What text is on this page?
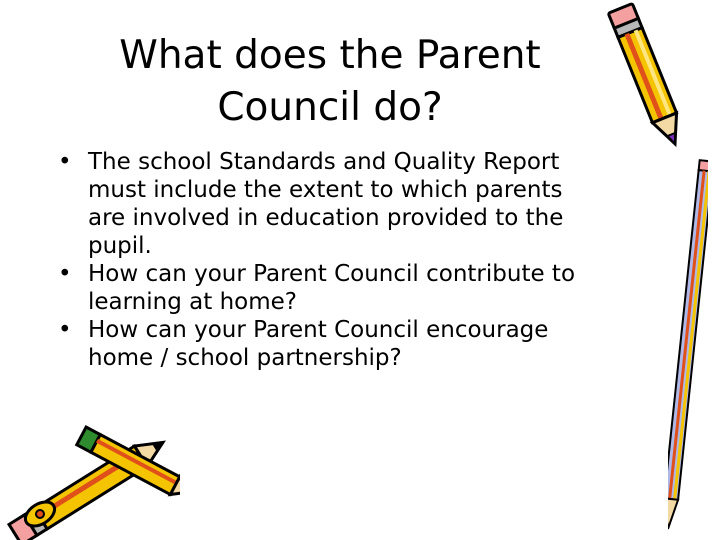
What does the Parent
Council do?
• The school Standards and Quality Report
must include the extent to which parents
are involved in education provided to the
pupil.
• How can your Parent Council contribute to
learning at home?
• How can your Parent Council encourage
home / school partnership?
